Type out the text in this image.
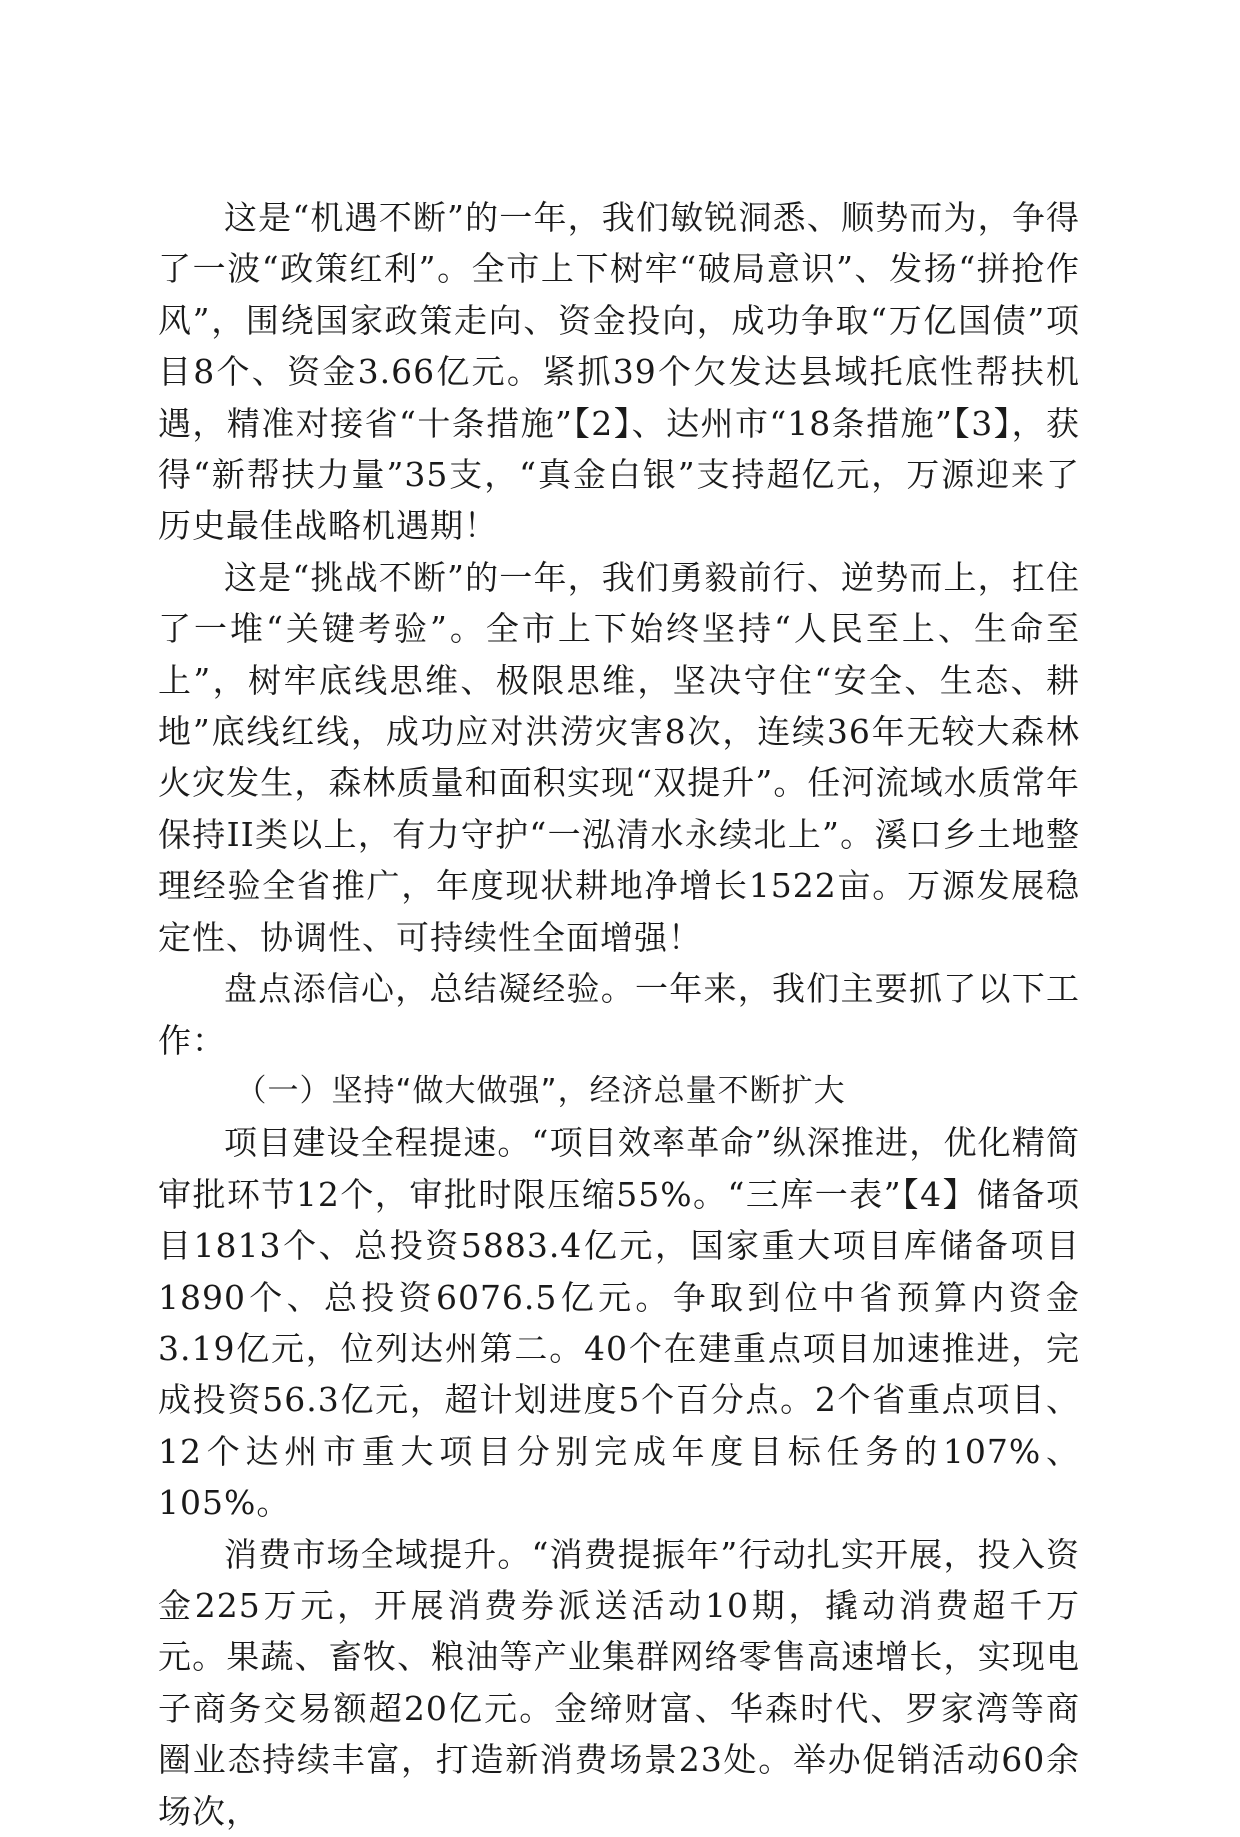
这是“机遇不断”的一年，我们敏锐洞悉、顺势而为，争得了一波“政策红利”。全市上下树牢“破局意识”、发扬“拼抢作风”，围绕国家政策走向、资金投向，成功争取“万亿国债”项目8个、资金3.66亿元。紧抓39个欠发达县域托底性帮扶机遇，精准对接省“十条措施”【2】、达州市“18条措施”【3】，获得“新帮扶力量”35支，“真金白银”支持超亿元，万源迎来了历史最佳战略机遇期！

这是“挑战不断”的一年，我们勇毅前行、逆势而上，扛住了一堆“关键考验”。全市上下始终坚持“人民至上、生命至上”，树牢底线思维、极限思维，坚决守住“安全、生态、耕地”底线红线，成功应对洪涝灾害8次，连续36年无较大森林火灾发生，森林质量和面积实现“双提升”。任河流域水质常年保持II类以上，有力守护“一泓清水永续北上”。溪口乡土地整理经验全省推广，年度现状耕地净增长1522亩。万源发展稳定性、协调性、可持续性全面增强！

盘点添信心，总结凝经验。一年来，我们主要抓了以下工作：

（一）坚持“做大做强”，经济总量不断扩大

项目建设全程提速。“项目效率革命”纵深推进，优化精简审批环节12个，审批时限压缩55%。“三库一表”【4】储备项目1813个、总投资5883.4亿元，国家重大项目库储备项目1890个、总投资6076.5亿元。争取到位中省预算内资金3.19亿元，位列达州第二。40个在建重点项目加速推进，完成投资56.3亿元，超计划进度5个百分点。2个省重点项目、12个达州市重大项目分别完成年度目标任务的107%、105%。

消费市场全域提升。“消费提振年”行动扎实开展，投入资金225万元，开展消费券派送活动10期，撬动消费超千万元。果蔬、畜牧、粮油等产业集群网络零售高速增长，实现电子商务交易额超20亿元。金缔财富、华森时代、罗家湾等商圈业态持续丰富，打造新消费场景23处。举办促销活动60余场次，
